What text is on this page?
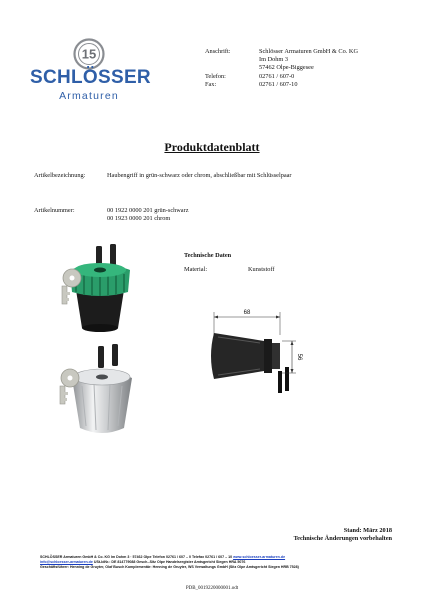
15
SCHLÖSSER
Armaturen
Anschrift:	Schlösser Armaturen GmbH & Co. KG
Im Dohm 3
57462 Olpe-Biggesee
Telefon:	02761 / 607-0
Fax:	02761 / 607-10
Produktdatenblatt
Artikelbezeichnung:	Haubengriff in grün-schwarz oder chrom, abschließbar mit Schlüsselpaar
Artikelnummer:	00 1922 0000 201 grün-schwarz
00 1923 0000 201 chrom
Technische Daten
Material:	Kunststoff
68
56
Stand: März 2018
Technische Änderungen vorbehalten
SCHLÖSSER Armaturen GmbH & Co. KG Im Dohm 3 · 57462 Olpe Telefon 02761 / 607 – 0 Telefax 02761 / 607 – 10 www.schloesser-armaturen.de
info@schloesser-armaturen.de USt-IdNr.: DE 814779088 Gesch.-Sitz Olpe Handelsregister Amtsgericht Siegen HRA 5076
Geschäftsführer: Henning de Gruyter, Olaf Busch Komplementär: Henning de Gruyter, WS Verwaltungs GmbH (Sitz Olpe Amtsgericht Siegen HRB 7528)
PDB_0019220000001.odt
